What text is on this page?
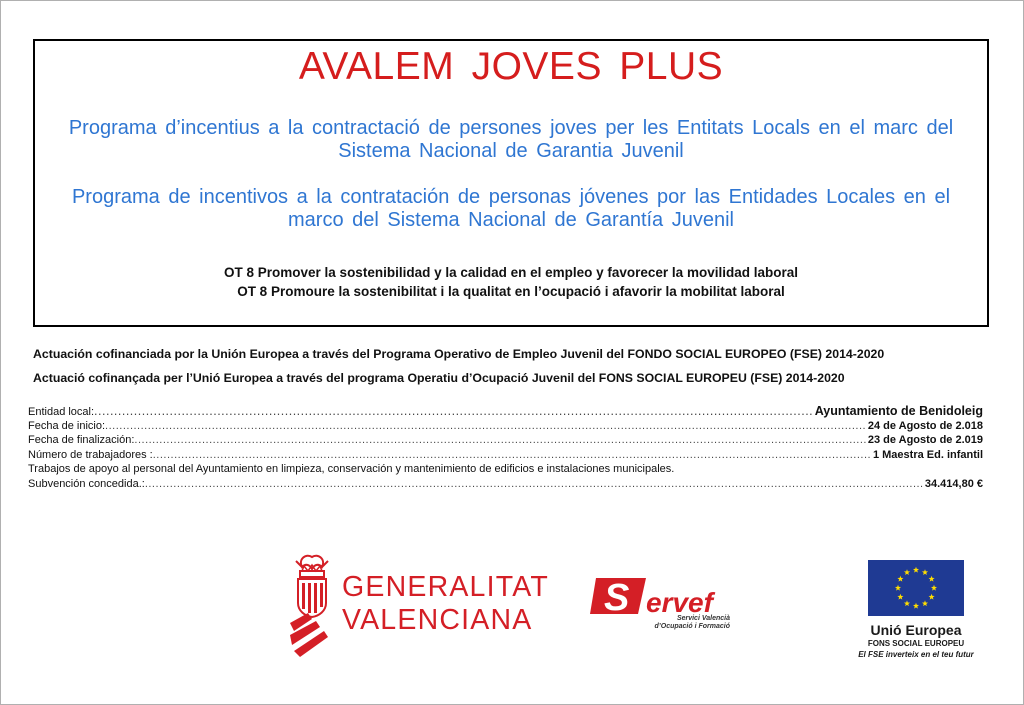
AVALEM JOVES PLUS
Programa d’incentius a la contractació de persones joves per les Entitats Locals en el marc del Sistema Nacional de Garantia Juvenil
Programa de incentivos a la contratación de personas jóvenes por las Entidades Locales en el marco del Sistema Nacional de Garantía Juvenil
OT 8 Promover la sostenibilidad y la calidad en el empleo y favorecer la movilidad laboral
OT 8 Promoure la sostenibilitat i la qualitat en l’ocupació i afavorir la mobilitat laboral
Actuación cofinanciada por la Unión Europea a través del Programa Operativo de Empleo Juvenil del FONDO SOCIAL EUROPEO (FSE) 2014-2020
Actuació cofinançada per l’Unió Europea a través del programa Operatiu d’Ocupació Juvenil del FONS SOCIAL EUROPEU (FSE) 2014-2020
Entidad local: .....	Ayuntamiento de Benidoleig
Fecha de inicio: .....	24 de Agosto de 2.018
Fecha de finalización: .....	23 de Agosto de 2.019
Número de trabajadores : .....	1 Maestra Ed. infantil
Trabajos de apoyo al personal del Ayuntamiento en limpieza, conservación y mantenimiento de edificios e instalaciones municipales.
Subvención concedida.: .....	34.414,80 €
GENERALITAT
VALENCIANA
S ervef
Servici Valencià
d’Ocupació i Formació	Unió Europea
FONS SOCIAL EUROPEU
El FSE inverteix en el teu futur
